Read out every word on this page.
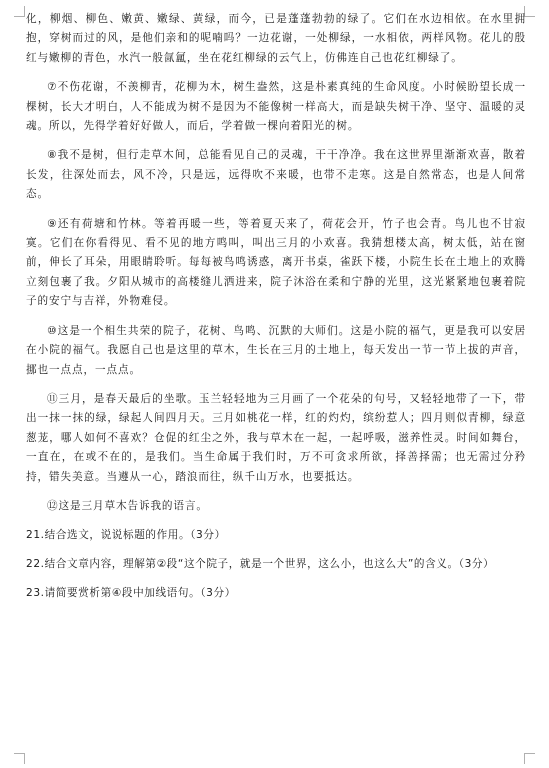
化，柳烟、柳色、嫩黄、嫩绿、黄绿，而今，已是蓬蓬勃勃的绿了。它们在水边相依。在水里拥抱，穿树而过的风，是他们亲和的呢喃吗？一边花谢，一处柳绿，一水相依，两样风物。花儿的殷红与嫩柳的青色，水汽一般氤氲，坐在花红柳绿的云气上，仿佛连自己也花红柳绿了。

⑦不伤花谢，不羡柳青，花柳为木，树生盎然，这是朴素真纯的生命风度。小时候盼望长成一棵树，长大才明白，人不能成为树不是因为不能像树一样高大，而是缺失树干净、坚守、温暖的灵魂。所以，先得学着好好做人，而后，学着做一棵向着阳光的树。

⑧我不是树，但行走草木间，总能看见自己的灵魂，干干净净。我在这世界里渐渐欢喜，散着长发，往深处而去，风不冷，只是远，远得吹不来暖，也带不走寒。这是自然常态，也是人间常态。

⑨还有荷塘和竹林。等着再暖一些，等着夏天来了，荷花会开，竹子也会青。鸟儿也不甘寂寞。它们在你看得见、看不见的地方鸣叫，叫出三月的小欢喜。我猜想楼太高，树太低，站在窗前，伸长了耳朵，用眼睛聆听。每每被鸟鸣诱惑，离开书桌，雀跃下楼，小院生长在土地上的欢腾立刻包裹了我。夕阳从城市的高楼缝儿洒进来，院子沐浴在柔和宁静的光里，这光紧紧地包裹着院子的安宁与吉祥，外物难侵。

⑩这是一个相生共荣的院子，花树、鸟鸣、沉默的大师们。这是小院的福气，更是我可以安居在小院的福气。我愿自己也是这里的草木，生长在三月的土地上，每天发出一节一节上拔的声音，挪也一点点，一点点。

⑪三月，是春天最后的坐歌。玉兰轻轻地为三月画了一个花朵的句号，又轻轻地带了一下，带出一抹一抹的绿，绿起人间四月天。三月如桃花一样，红的灼灼，缤纷惹人；四月则似青柳，绿意葱茏，哪人如何不喜欢？仓促的红尘之外，我与草木在一起，一起呼吸，滋养性灵。时间如舞台，一直在，在或不在的，是我们。当生命属于我们时，万不可贪求所欲，择善择需；也无需过分矜持，错失美意。当遵从一心，踏浪而往，纵千山万水，也要抵达。

⑫这是三月草木告诉我的语言。

21.结合选文，说说标题的作用。（3分）

22.结合文章内容，理解第②段“这个院子，就是一个世界，这么小，也这么大”的含义。（3分）

23.请简要赏析第④段中加线语句。（3分）
